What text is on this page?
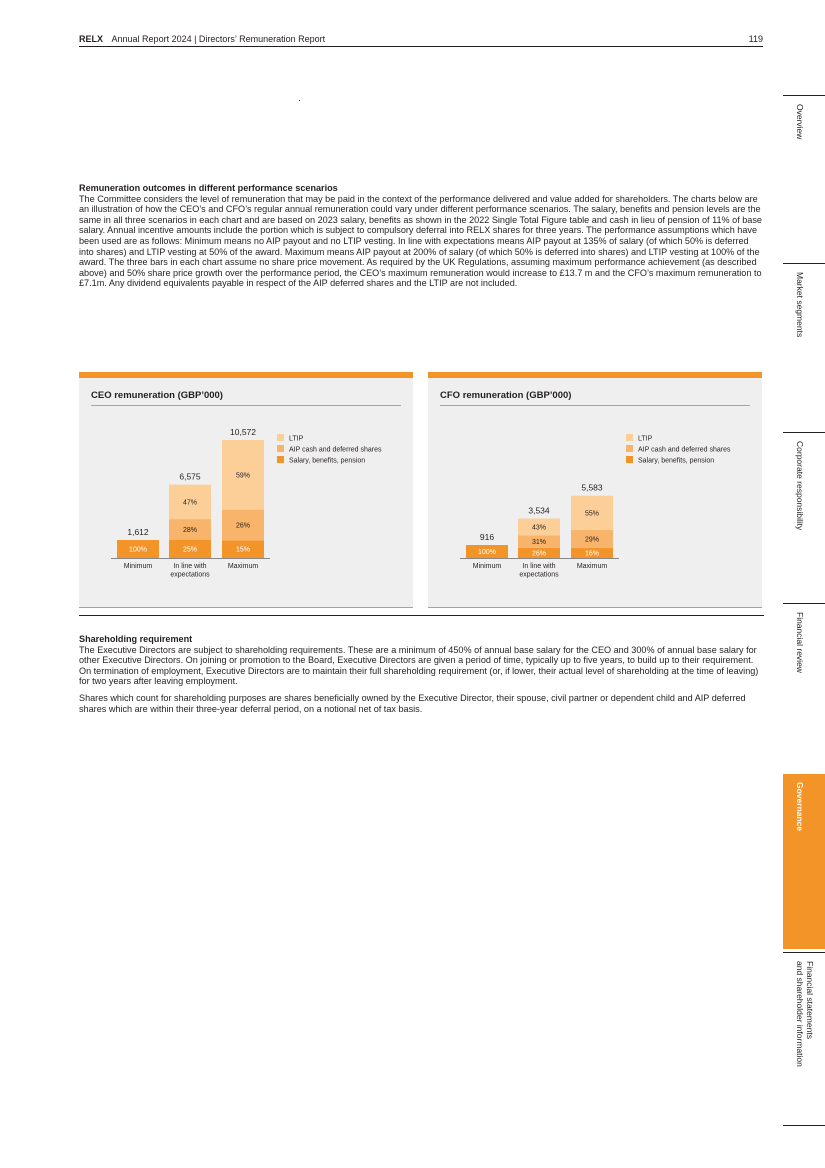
RELX Annual Report 2024 | Directors’ Remuneration Report	119
Remuneration outcomes in different performance scenarios

The Committee considers the level of remuneration that may be paid in the context of the performance delivered and value added for shareholders. The charts below are an illustration of how the CEO’s and CFO’s regular annual remuneration could vary under different performance scenarios. The salary, benefits and pension levels are the same in all three scenarios in each chart and are based on 2023 salary, benefits as shown in the 2022 Single Total Figure table and cash in lieu of pension of 11% of base salary. Annual incentive amounts include the portion which is subject to compulsory deferral into RELX shares for three years. The performance assumptions which have been used are as follows: Minimum means no AIP payout and no LTIP vesting. In line with expectations means AIP payout at 135% of salary (of which 50% is deferred into shares) and LTIP vesting at 50% of the award. Maximum means AIP payout at 200% of salary (of which 50% is deferred into shares) and LTIP vesting at 100% of the award. The three bars in each chart assume no share price movement. As required by the UK Regulations, assuming maximum performance achievement (as described above) and 50% share price growth over the performance period, the CEO’s maximum remuneration would increase to £13.7 m and the CFO’s maximum remuneration to £7.1m. Any dividend equivalents payable in respect of the AIP deferred shares and the LTIP are not included.

CEO remuneration (GBP’000)
100%
1,612
Minimum
25%
28%
47%
6,575
In line with
expectations
15%
26%
59%
10,572
Maximum
LTIP
AIP cash and deferred shares
Salary, benefits, pension
CFO remuneration (GBP’000)
100%
916
Minimum
26%
31%
43%
3,534
In line with
expectations
16%
29%
55%
5,583
Maximum
LTIP
AIP cash and deferred shares
Salary, benefits, pension
Shareholding requirement

The Executive Directors are subject to shareholding requirements. These are a minimum of 450% of annual base salary for the CEO and 300% of annual base salary for other Executive Directors. On joining or promotion to the Board, Executive Directors are given a period of time, typically up to five years, to build up to their requirement. On termination of employment, Executive Directors are to maintain their full shareholding requirement (or, if lower, their actual level of shareholding at the time of leaving) for two years after leaving employment.

Shares which count for shareholding purposes are shares beneficially owned by the Executive Director, their spouse, civil partner or dependent child and AIP deferred shares which are within their three-year deferral period, on a notional net of tax basis.

Overview
Market segments
Corporate responsibility
Financial review
Governance
Financial statements
and shareholder information
